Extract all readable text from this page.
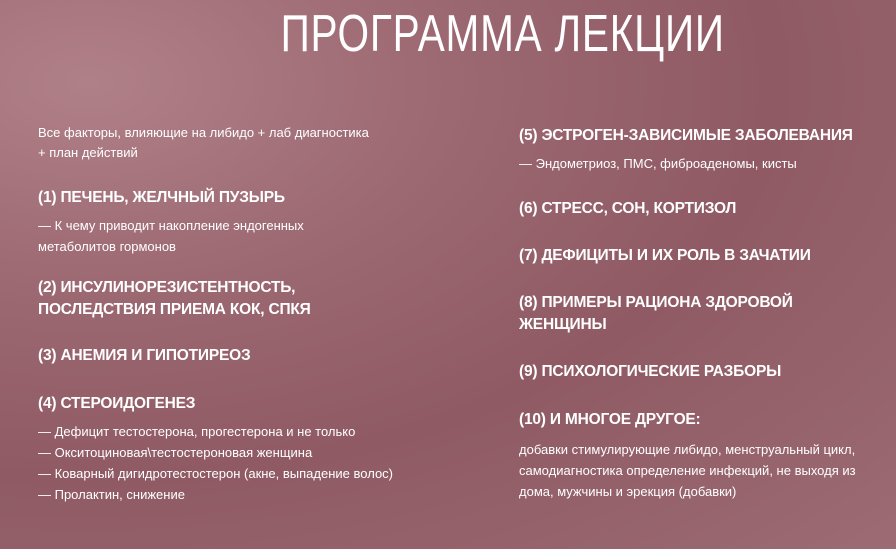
ПРОГРАММА ЛЕКЦИИ
Все факторы, влияющие на либидо + лаб диагностика
+ план действий
(1) ПЕЧЕНЬ, ЖЕЛЧНЫЙ ПУЗЫРЬ
— К чему приводит накопление эндогенных
метаболитов гормонов
(2) ИНСУЛИНОРЕЗИСТЕНТНОСТЬ,
ПОСЛЕДСТВИЯ ПРИЕМА КОК, СПКЯ
(3) АНЕМИЯ И ГИПОТИРЕОЗ
(4) СТЕРОИДОГЕНЕЗ
— Дефицит тестостерона, прогестерона и не только
— Окситоциновая\тестостероновая женщина
— Коварный дигидротестостерон (акне, выпадение волос)
— Пролактин, снижение
(5) ЭСТРОГЕН-ЗАВИСИМЫЕ ЗАБОЛЕВАНИЯ
— Эндометриоз, ПМС, фиброаденомы, кисты
(6) СТРЕСС, СОН, КОРТИЗОЛ
(7) ДЕФИЦИТЫ И ИХ РОЛЬ В ЗАЧАТИИ
(8) ПРИМЕРЫ РАЦИОНА ЗДОРОВОЙ ЖЕНЩИНЫ
(9) ПСИХОЛОГИЧЕСКИЕ РАЗБОРЫ
(10) И МНОГОЕ ДРУГОЕ:
добавки стимулирующие либидо, менструальный цикл,
самодиагностика определение инфекций, не выходя из
дома, мужчины и эрекция (добавки)
